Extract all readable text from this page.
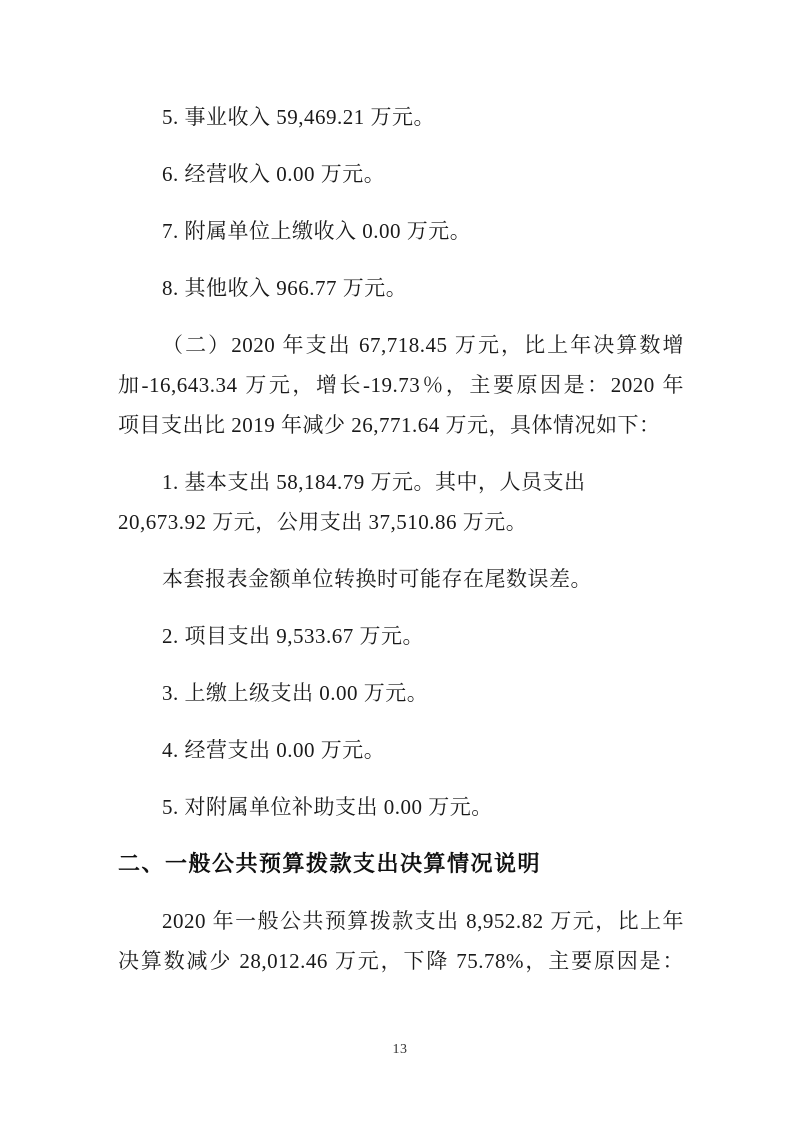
5. 事业收入 59,469.21 万元。
6. 经营收入 0.00 万元。
7. 附属单位上缴收入 0.00 万元。
8. 其他收入 966.77 万元。
（二）2020 年支出 67,718.45 万元，比上年决算数增
加-16,643.34 万元，增长-19.73％，主要原因是：2020 年
项目支出比 2019 年减少 26,771.64 万元，具体情况如下：
1. 基本支出 58,184.79 万元。其中，人员支出
20,673.92 万元，公用支出 37,510.86 万元。
本套报表金额单位转换时可能存在尾数误差。
2. 项目支出 9,533.67 万元。
3. 上缴上级支出 0.00 万元。
4. 经营支出 0.00 万元。
5. 对附属单位补助支出 0.00 万元。
二、一般公共预算拨款支出决算情况说明
2020 年一般公共预算拨款支出 8,952.82 万元，比上年
决算数减少 28,012.46 万元，下降 75.78%，主要原因是：
13
